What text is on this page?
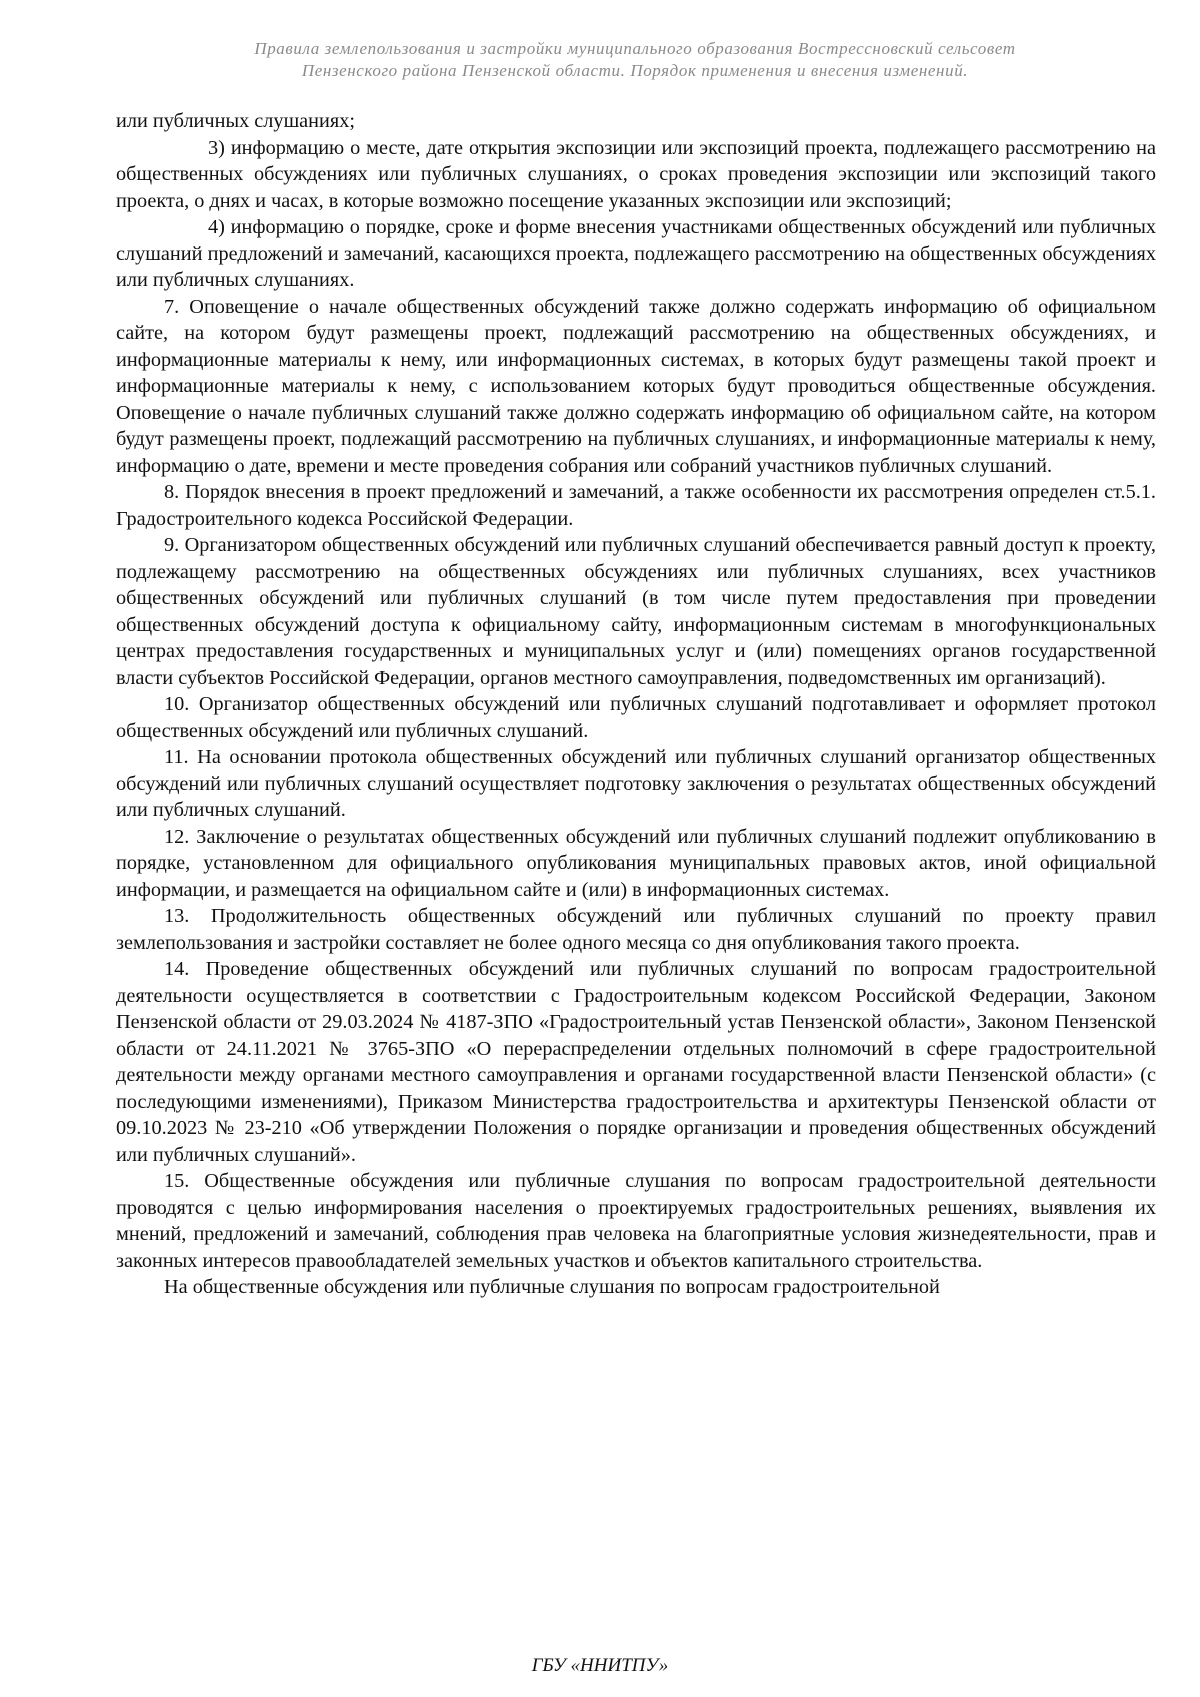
Правила землепользования и застройки муниципального образования Вострессновский сельсовет
Пензенского района Пензенской области. Порядок применения и внесения изменений.

или публичных слушаниях;

3) информацию о месте, дате открытия экспозиции или экспозиций проекта, подлежащего рассмотрению на общественных обсуждениях или публичных слушаниях, о сроках проведения экспозиции или экспозиций такого проекта, о днях и часах, в которые возможно посещение указанных экспозиции или экспозиций;

4) информацию о порядке, сроке и форме внесения участниками общественных обсуждений или публичных слушаний предложений и замечаний, касающихся проекта, подлежащего рассмотрению на общественных обсуждениях или публичных слушаниях.

7. Оповещение о начале общественных обсуждений также должно содержать информацию об официальном сайте, на котором будут размещены проект, подлежащий рассмотрению на общественных обсуждениях, и информационные материалы к нему, или информационных системах, в которых будут размещены такой проект и информационные материалы к нему, с использованием которых будут проводиться общественные обсуждения. Оповещение о начале публичных слушаний также должно содержать информацию об официальном сайте, на котором будут размещены проект, подлежащий рассмотрению на публичных слушаниях, и информационные материалы к нему, информацию о дате, времени и месте проведения собрания или собраний участников публичных слушаний.

8. Порядок внесения в проект предложений и замечаний, а также особенности их рассмотрения определен ст.5.1. Градостроительного кодекса Российской Федерации.

9. Организатором общественных обсуждений или публичных слушаний обеспечивается равный доступ к проекту, подлежащему рассмотрению на общественных обсуждениях или публичных слушаниях, всех участников общественных обсуждений или публичных слушаний (в том числе путем предоставления при проведении общественных обсуждений доступа к официальному сайту, информационным системам в многофункциональных центрах предоставления государственных и муниципальных услуг и (или) помещениях органов государственной власти субъектов Российской Федерации, органов местного самоуправления, подведомственных им организаций).

10. Организатор общественных обсуждений или публичных слушаний подготавливает и оформляет протокол общественных обсуждений или публичных слушаний.

11. На основании протокола общественных обсуждений или публичных слушаний организатор общественных обсуждений или публичных слушаний осуществляет подготовку заключения о результатах общественных обсуждений или публичных слушаний.

12. Заключение о результатах общественных обсуждений или публичных слушаний подлежит опубликованию в порядке, установленном для официального опубликования муниципальных правовых актов, иной официальной информации, и размещается на официальном сайте и (или) в информационных системах.

13. Продолжительность общественных обсуждений или публичных слушаний по проекту правил землепользования и застройки составляет не более одного месяца со дня опубликования такого проекта.

14. Проведение общественных обсуждений или публичных слушаний по вопросам градостроительной деятельности осуществляется в соответствии с Градостроительным кодексом Российской Федерации, Законом Пензенской области от 29.03.2024 № 4187-ЗПО «Градостроительный устав Пензенской области», Законом Пензенской области от 24.11.2021 № 3765-ЗПО «О перераспределении отдельных полномочий в сфере градостроительной деятельности между органами местного самоуправления и органами государственной власти Пензенской области» (с последующими изменениями), Приказом Министерства градостроительства и архитектуры Пензенской области от 09.10.2023 № 23-210 «Об утверждении Положения о порядке организации и проведения общественных обсуждений или публичных слушаний».

15. Общественные обсуждения или публичные слушания по вопросам градостроительной деятельности проводятся с целью информирования населения о проектируемых градостроительных решениях, выявления их мнений, предложений и замечаний, соблюдения прав человека на благоприятные условия жизнедеятельности, прав и законных интересов правообладателей земельных участков и объектов капитального строительства.

На общественные обсуждения или публичные слушания по вопросам градостроительной

ГБУ «ННИТПУ»
